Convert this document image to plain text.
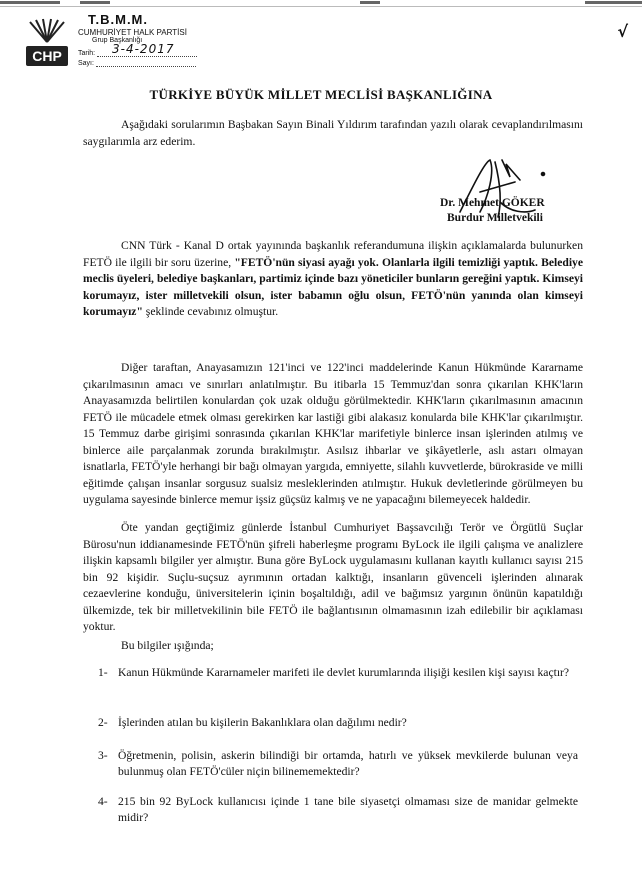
√
CHP
T.B.M.M.
CUMHURİYET HALK PARTİSİ
Grup Başkanlığı
Tarih:	3-4-2017
Sayı:
TÜRKİYE BÜYÜK MİLLET MECLİSİ BAŞKANLIĞINA

Aşağıdaki sorularımın Başbakan Sayın Binali Yıldırım tarafından yazılı olarak cevaplandırılmasını saygılarımla arz ederim.

Dr. Mehmet GÖKER
Burdur Milletvekili

CNN Türk - Kanal D ortak yayınında başkanlık referandumuna ilişkin açıklamalarda bulunurken FETÖ ile ilgili bir soru üzerine, "FETÖ'nün siyasi ayağı yok. Olanlarla ilgili temizliği yaptık. Belediye meclis üyeleri, belediye başkanları, partimiz içinde bazı yöneticiler bunların gereğini yaptık. Kimseyi korumayız, ister milletvekili olsun, ister babamın oğlu olsun, FETÖ'nün yanında olan kimseyi korumayız" şeklinde cevabınız olmuştur.

Diğer taraftan, Anayasamızın 121'inci ve 122'inci maddelerinde Kanun Hükmünde Kararname çıkarılmasının amacı ve sınırları anlatılmıştır. Bu itibarla 15 Temmuz'dan sonra çıkarılan KHK'ların Anayasamızda belirtilen konulardan çok uzak olduğu görülmektedir. KHK'ların çıkarılmasının amacının FETÖ ile mücadele etmek olması gerekirken kar lastiği gibi alakasız konularda bile KHK'lar çıkarılmıştır. 15 Temmuz darbe girişimi sonrasında çıkarılan KHK'lar marifetiyle binlerce insan işlerinden atılmış ve binlerce aile parçalanmak zorunda bırakılmıştır. Asılsız ihbarlar ve şikâyetlerle, aslı astarı olmayan isnatlarla, FETÖ'yle herhangi bir bağı olmayan yargıda, emniyette, silahlı kuvvetlerde, bürokraside ve milli eğitimde çalışan insanlar sorgusuz sualsiz mesleklerinden atılmıştır. Hukuk devletlerinde görülmeyen bu uygulama sayesinde binlerce memur işsiz güçsüz kalmış ve ne yapacağını bilemeyecek haldedir.

Öte yandan geçtiğimiz günlerde İstanbul Cumhuriyet Başsavcılığı Terör ve Örgütlü Suçlar Bürosu'nun iddianamesinde FETÖ'nün şifreli haberleşme programı ByLock ile ilgili çalışma ve analizlere ilişkin kapsamlı bilgiler yer almıştır. Buna göre ByLock uygulamasını kullanan kayıtlı kullanıcı sayısı 215 bin 92 kişidir. Suçlu-suçsuz ayrımının ortadan kalktığı, insanların güvenceli işlerinden alınarak cezaevlerine konduğu, üniversitelerin içinin boşaltıldığı, adil ve bağımsız yargının önünün kapatıldığı ülkemizde, tek bir milletvekilinin bile FETÖ ile bağlantısının olmamasının izah edilebilir bir açıklaması yoktur.

Bu bilgiler ışığında;
1- Kanun Hükmünde Kararnameler marifeti ile devlet kurumlarında ilişiği kesilen kişi sayısı kaçtır?
2- İşlerinden atılan bu kişilerin Bakanlıklara olan dağılımı nedir?
3- Öğretmenin, polisin, askerin bilindiği bir ortamda, hatırlı ve yüksek mevkilerde bulunan veya bulunmuş olan FETÖ'cüler niçin bilinememektedir?
4- 215 bin 92 ByLock kullanıcısı içinde 1 tane bile siyasetçi olmaması size de manidar gelmekte midir?
